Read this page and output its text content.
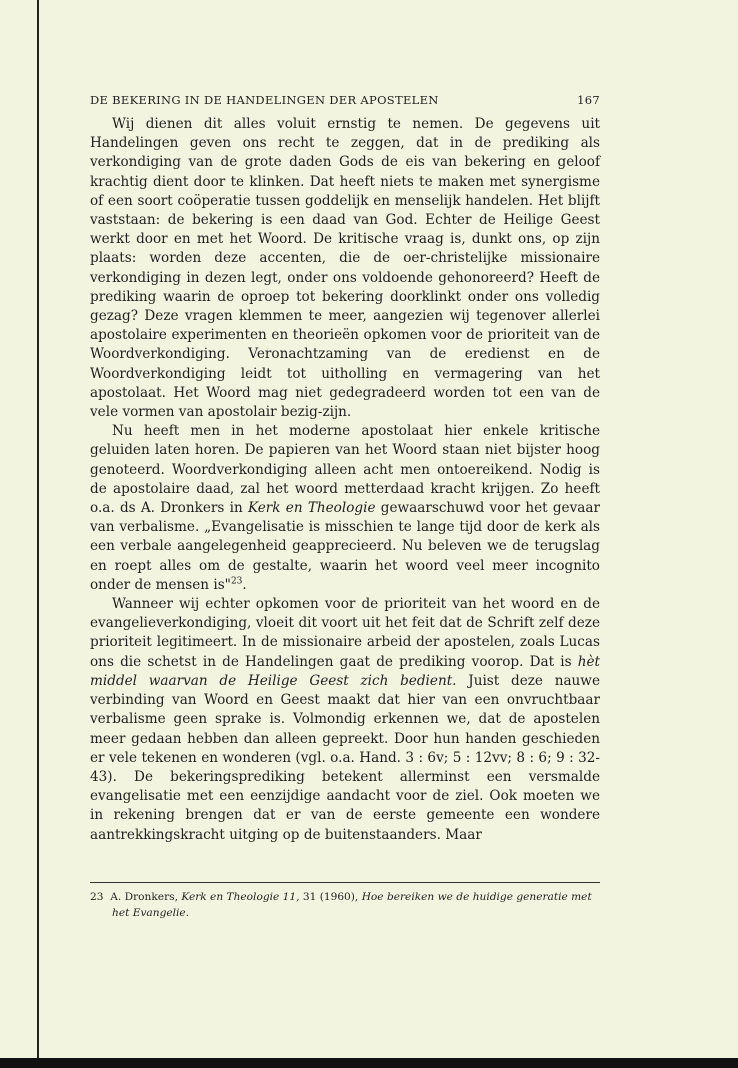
DE BEKERING IN DE HANDELINGEN DER APOSTELEN	167

Wij dienen dit alles voluit ernstig te nemen. De gegevens uit Handelingen geven ons recht te zeggen, dat in de prediking als verkondiging van de grote daden Gods de eis van bekering en geloof krachtig dient door te klinken. Dat heeft niets te maken met synergisme of een soort coöperatie tussen goddelijk en menselijk handelen. Het blijft vaststaan: de bekering is een daad van God. Echter de Heilige Geest werkt door en met het Woord. De kritische vraag is, dunkt ons, op zijn plaats: worden deze accenten, die de oer-christelijke missionaire verkondiging in dezen legt, onder ons voldoende gehonoreerd? Heeft de prediking waarin de oproep tot bekering doorklinkt onder ons volledig gezag? Deze vragen klemmen te meer, aangezien wij tegenover allerlei apostolaire experimenten en theorieën opkomen voor de prioriteit van de Woordverkondiging. Veronachtzaming van de eredienst en de Woordverkondiging leidt tot uitholling en vermagering van het apostolaat. Het Woord mag niet gedegradeerd worden tot een van de vele vormen van apostolair bezig-zijn.

Nu heeft men in het moderne apostolaat hier enkele kritische geluiden laten horen. De papieren van het Woord staan niet bijster hoog genoteerd. Woordverkondiging alleen acht men ontoereikend. Nodig is de apostolaire daad, zal het woord metterdaad kracht krijgen. Zo heeft o.a. ds A. Dronkers in Kerk en Theologie gewaarschuwd voor het gevaar van verbalisme. „Evangelisatie is misschien te lange tijd door de kerk als een verbale aangelegenheid geapprecieerd. Nu beleven we de terugslag en roept alles om de gestalte, waarin het woord veel meer incognito onder de mensen is"$^{23}$.

Wanneer wij echter opkomen voor de prioriteit van het woord en de evangelieverkondiging, vloeit dit voort uit het feit dat de Schrift zelf deze prioriteit legitimeert. In de missionaire arbeid der apostelen, zoals Lucas ons die schetst in de Handelingen gaat de prediking voorop. Dat is hèt middel waarvan de Heilige Geest zich bedient. Juist deze nauwe verbinding van Woord en Geest maakt dat hier van een onvruchtbaar verbalisme geen sprake is. Volmondig erkennen we, dat de apostelen meer gedaan hebben dan alleen gepreekt. Door hun handen geschieden er vele tekenen en wonderen (vgl. o.a. Hand. 3 : 6v; 5 : 12vv; 8 : 6; 9 : 32-43). De bekeringsprediking betekent allerminst een versmalde evangelisatie met een eenzijdige aandacht voor de ziel. Ook moeten we in rekening brengen dat er van de eerste gemeente een wondere aantrekkingskracht uitging op de buitenstaanders. Maar

23 A. Dronkers, Kerk en Theologie 11, 31 (1960), Hoe bereiken we de huidige generatie met het Evangelie.
